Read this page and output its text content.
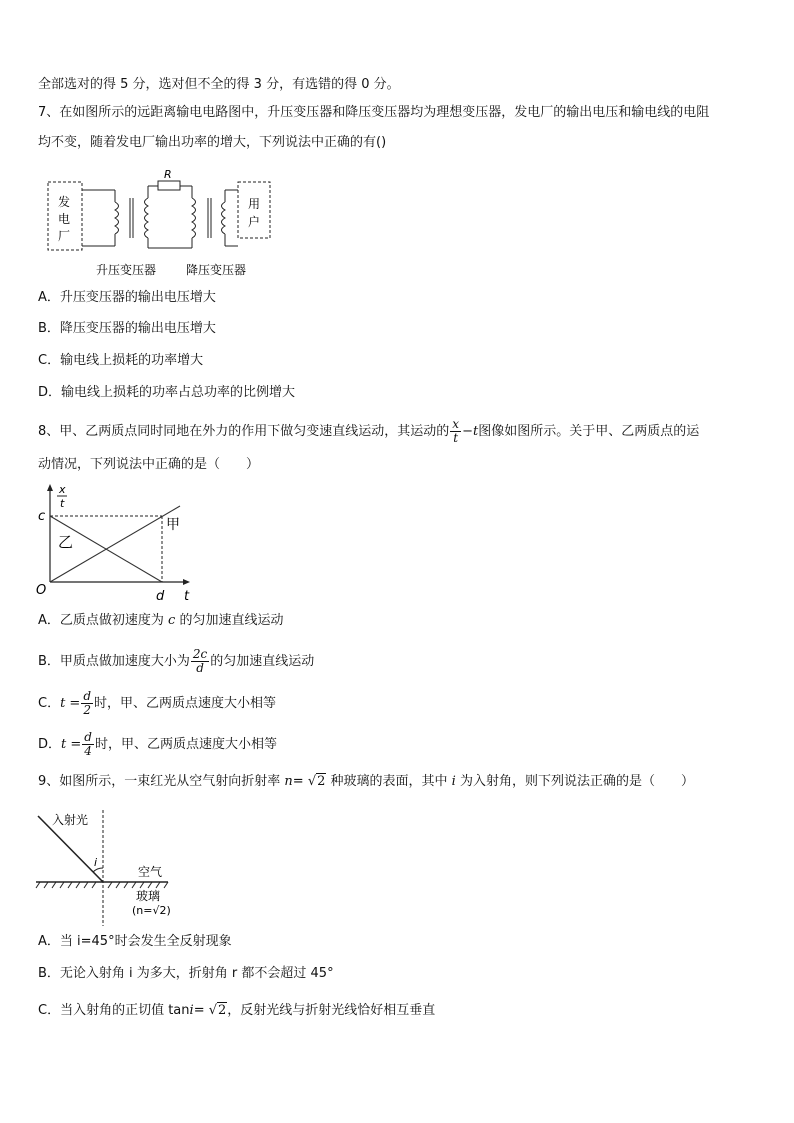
全部选对的得 5 分，选对但不全的得 3 分，有选错的得 0 分。
7、在如图所示的远距离输电电路图中，升压变压器和降压变压器均为理想变压器，发电厂的输出电压和输电线的电阻
均不变，随着发电厂输出功率的增大，下列说法中正确的有()
发
电
厂
R
用
户
升压变压器 降压变压器
A．升压变压器的输出电压增大
B．降压变压器的输出电压增大
C．输电线上损耗的功率增大
D．输电线上损耗的功率占总功率的比例增大
8、甲、乙两质点同时同地在外力的作用下做匀变速直线运动，其运动的 $\frac{x}{t} -t$图像如图所示。关于甲、乙两质点的运
动情况，下列说法中正确的是（　　）
x
t
c
O	d t
甲
乙
A．乙质点做初速度为 c 的匀加速直线运动
B．甲质点做加速度大小为 $\frac{2c}{d}$ 的匀加速直线运动
C．$t = \frac{d}{2}$ 时，甲、乙两质点速度大小相等
D．$t = \frac{d}{4}$ 时，甲、乙两质点速度大小相等
9、如图所示，一束红光从空气射向折射率 n= √2 种玻璃的表面，其中 i 为入射角，则下列说法正确的是（　　）
入射光
i
空气
玻璃
(n=√2)
A．当 i=45°时会发生全反射现象
B．无论入射角 i 为多大，折射角 r 都不会超过 45°
C．当入射角的正切值 tani= √2，反射光线与折射光线恰好相互垂直
